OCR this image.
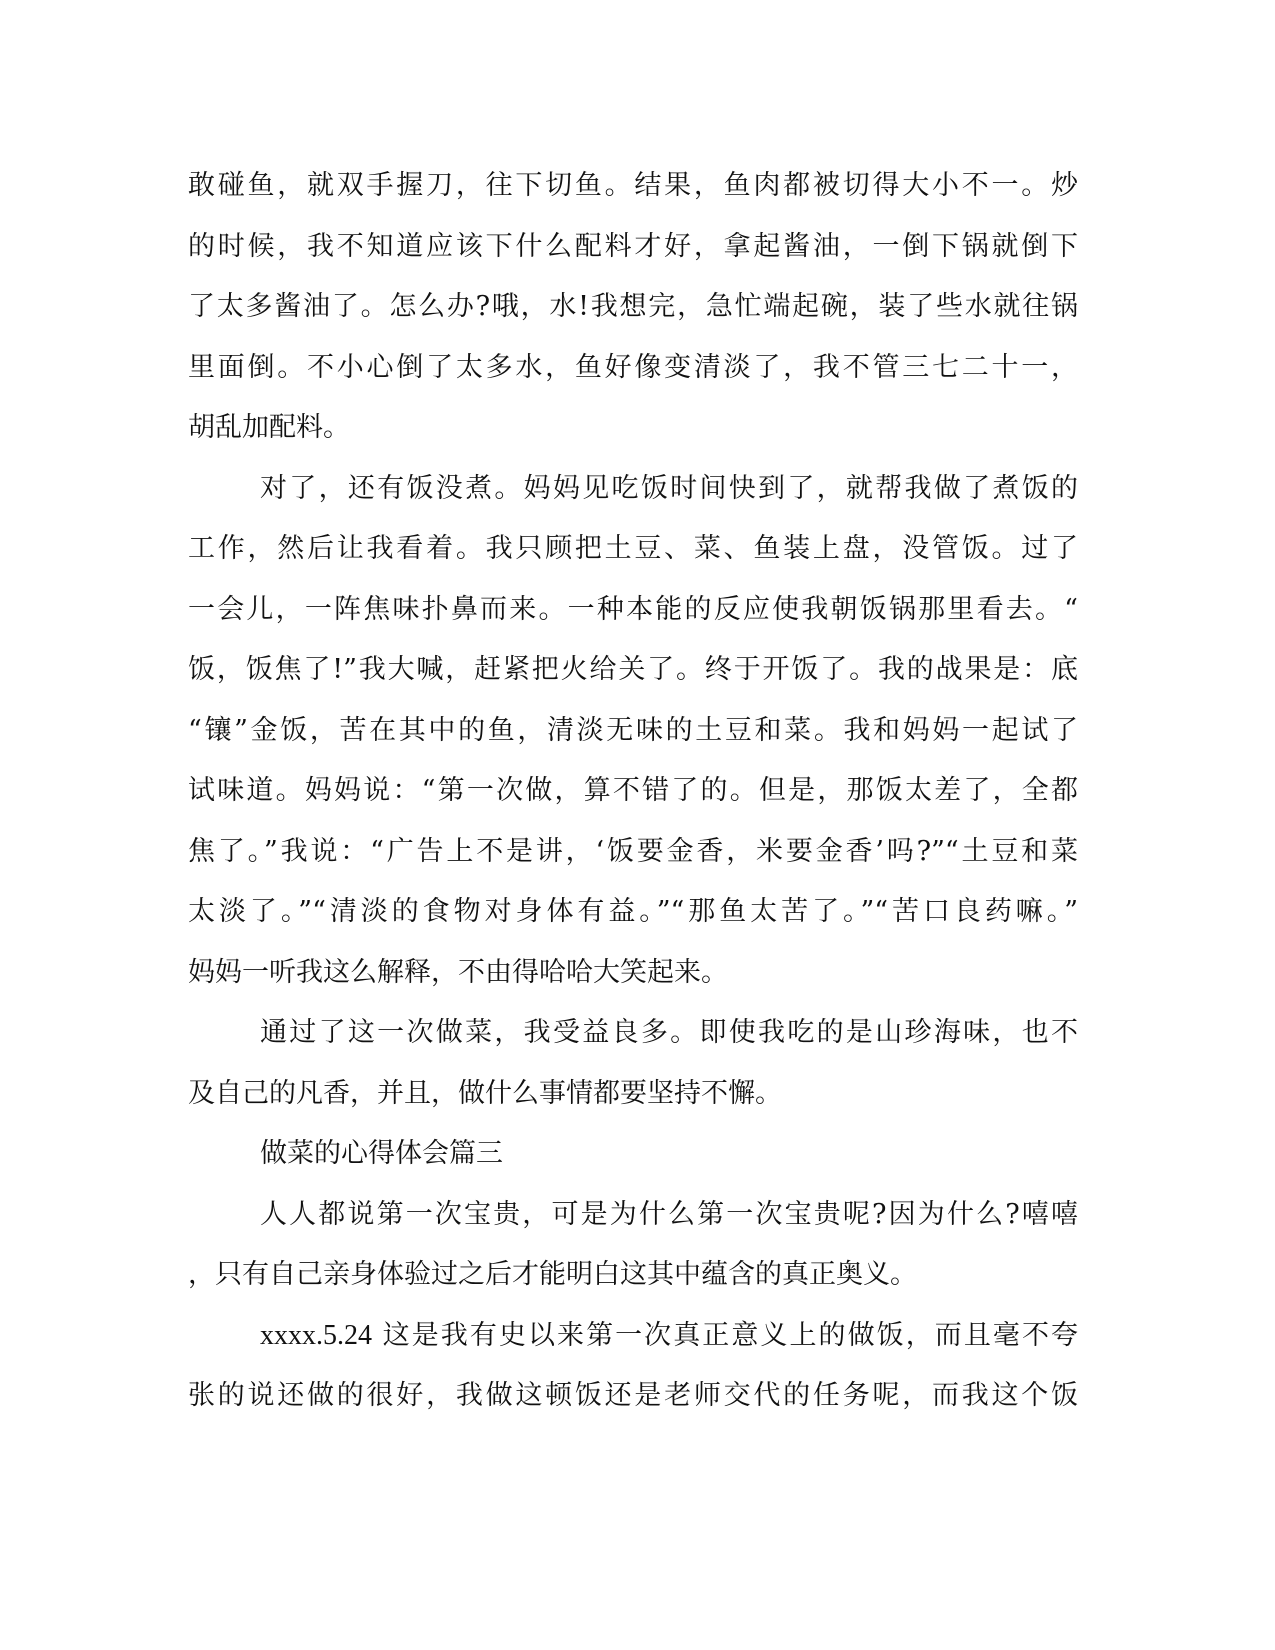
敢碰鱼，就双手握刀，往下切鱼。结果，鱼肉都被切得大小不一。炒
的时候，我不知道应该下什么配料才好，拿起酱油，一倒下锅就倒下
了太多酱油了。怎么办?哦，水!我想完，急忙端起碗，装了些水就往锅
里面倒。不小心倒了太多水，鱼好像变清淡了，我不管三七二十一，
胡乱加配料。
对了，还有饭没煮。妈妈见吃饭时间快到了，就帮我做了煮饭的
工作，然后让我看着。我只顾把土豆、菜、鱼装上盘，没管饭。过了
一会儿，一阵焦味扑鼻而来。一种本能的反应使我朝饭锅那里看去。“
饭，饭焦了!”我大喊，赶紧把火给关了。终于开饭了。我的战果是：底
“镶”金饭，苦在其中的鱼，清淡无味的土豆和菜。我和妈妈一起试了
试味道。妈妈说：“第一次做，算不错了的。但是，那饭太差了，全都
焦了。”我说：“广告上不是讲，‘饭要金香，米要金香’吗?”“土豆和菜
太淡了。”“清淡的食物对身体有益。”“那鱼太苦了。”“苦口良药嘛。”
妈妈一听我这么解释，不由得哈哈大笑起来。
通过了这一次做菜，我受益良多。即使我吃的是山珍海味，也不
及自己的凡香，并且，做什么事情都要坚持不懈。
做菜的心得体会篇三
人人都说第一次宝贵，可是为什么第一次宝贵呢?因为什么?嘻嘻
，只有自己亲身体验过之后才能明白这其中蕴含的真正奥义。
xxxx.5.24 这是我有史以来第一次真正意义上的做饭，而且毫不夸
张的说还做的很好，我做这顿饭还是老师交代的任务呢，而我这个饭
